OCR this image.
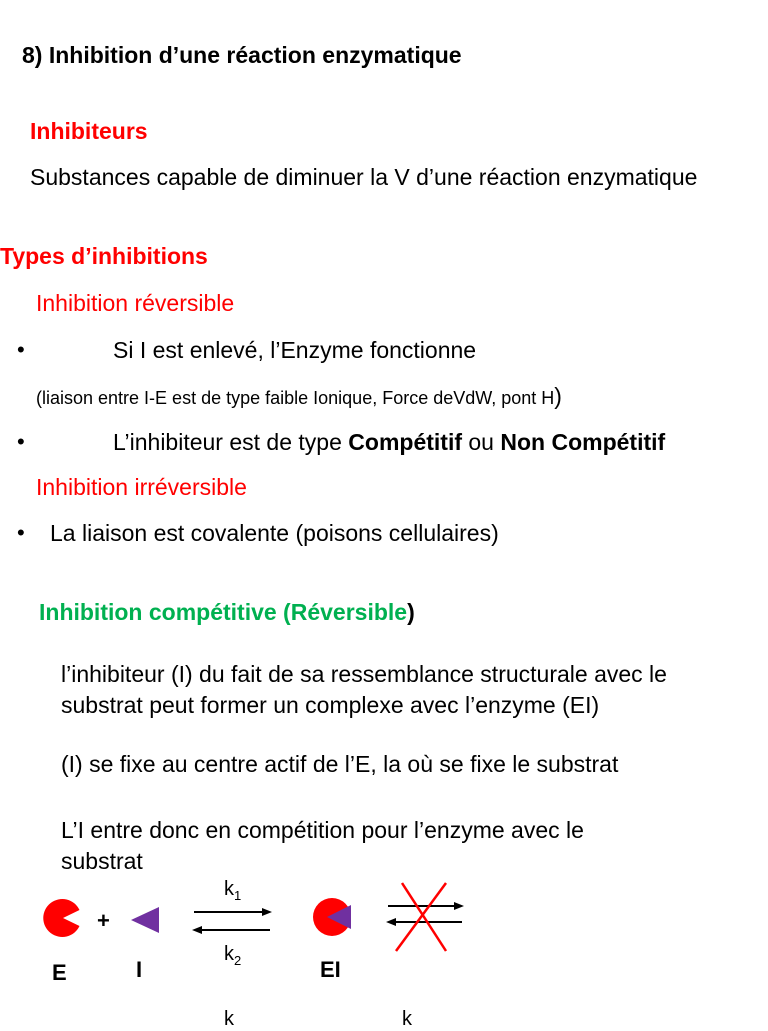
8) Inhibition d’une réaction enzymatique
Inhibiteurs
Substances capable de diminuer la V d’une réaction enzymatique
Types d’inhibitions
Inhibition réversible
•	Si I est enlevé, l’Enzyme fonctionne
(liaison entre I-E est de type faible Ionique, Force deVdW, pont H)
•	L’inhibiteur est de type Compétitif ou Non Compétitif
Inhibition irréversible
• La liaison est covalente (poisons cellulaires)
Inhibition compétitive (Réversible)
l’inhibiteur (I) du fait de sa ressemblance structurale avec le substrat peut former un complexe avec l’enzyme (EI)
(I) se fixe au centre actif de l’E, la où se fixe le substrat
L’I entre donc en compétition pour l’enzyme avec le substrat
+
$k_1$
$k_2$
E	I	EI
k	k
